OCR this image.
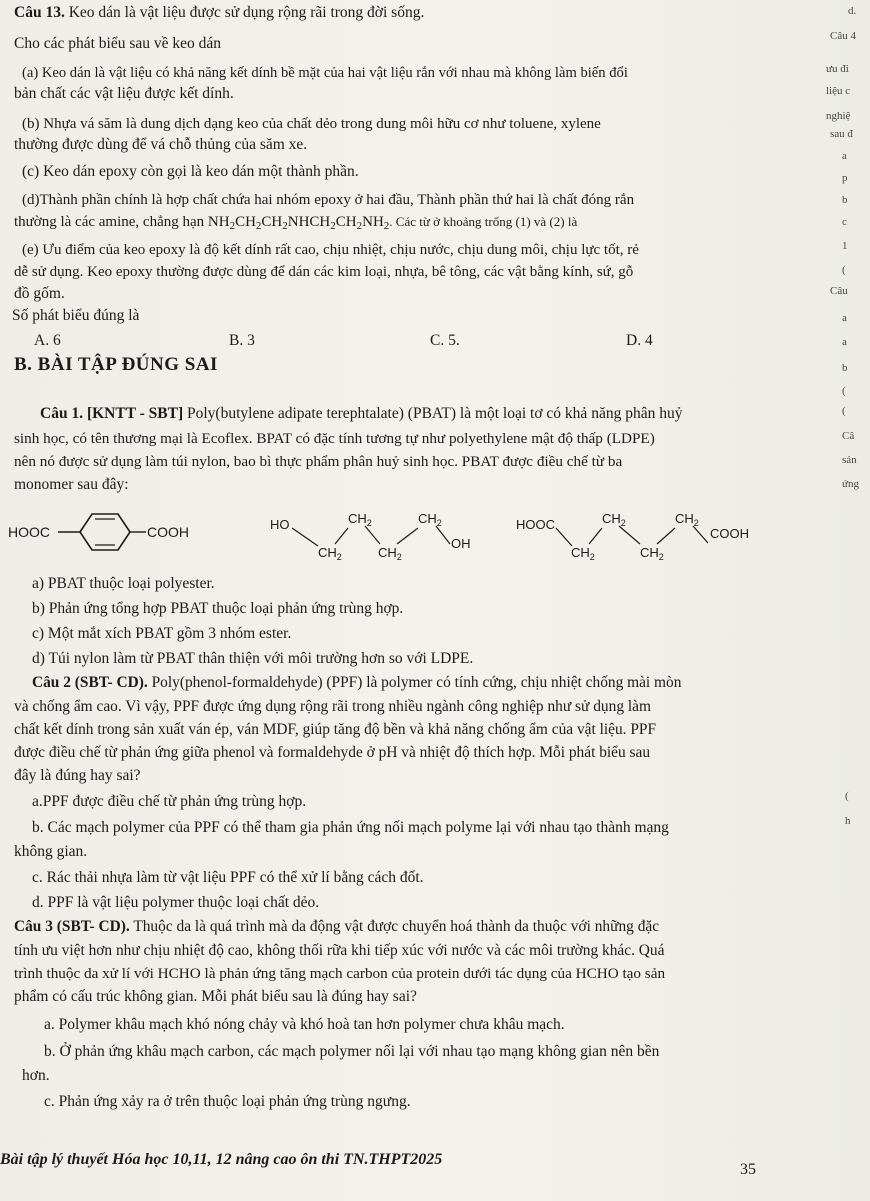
Câu 13. Keo dán là vật liệu được sử dụng rộng rãi trong đời sống.
Cho các phát biểu sau về keo dán
(a) Keo dán là vật liệu có khả năng kết dính bề mặt của hai vật liệu rắn với nhau mà không làm biến đổi
bản chất các vật liệu được kết dính.
(b) Nhựa vá săm là dung dịch dạng keo của chất dẻo trong dung môi hữu cơ như toluene, xylene
thường được dùng để vá chỗ thủng của săm xe.
(c) Keo dán epoxy còn gọi là keo dán một thành phần.
(d)Thành phần chính là hợp chất chứa hai nhóm epoxy ở hai đầu, Thành phần thứ hai là chất đóng rắn
thường là các amine, chẳng hạn $NH_2CH_2CH_2NHCH_2CH_2NH_2$. Các từ ở khoảng trống (1) và (2) là
(e) Ưu điểm của keo epoxy là độ kết dính rất cao, chịu nhiệt, chịu nước, chịu dung môi, chịu lực tốt, rẻ
dễ sử dụng. Keo epoxy thường được dùng để dán các kim loại, nhựa, bê tông, các vật bằng kính, sứ, gỗ
đồ gốm.
Số phát biểu đúng là
A. 6	B. 3	C. 5.	D. 4
B. BÀI TẬP ĐÚNG SAI
Câu 1. [KNTT - SBT] Poly(butylene adipate terephtalate) (PBAT) là một loại tơ có khả năng phân huỷ
sinh học, có tên thương mại là Ecoflex. BPAT có đặc tính tương tự như polyethylene mật độ thấp (LDPE)
nên nó được sử dụng làm túi nylon, bao bì thực phẩm phân huỷ sinh học. PBAT được điều chế từ ba
monomer sau đây:
HOOC	COOH	HO
$CH_2$
$CH_2$
$CH_2$
$CH_2$
OH
HOOC
$CH_2$
$CH_2$
$CH_2$
$CH_2$
COOH
a) PBAT thuộc loại polyester.
b) Phản ứng tổng hợp PBAT thuộc loại phản ứng trùng hợp.
c) Một mắt xích PBAT gồm 3 nhóm ester.
d) Túi nylon làm từ PBAT thân thiện với môi trường hơn so với LDPE.
Câu 2 (SBT- CD). Poly(phenol-formaldehyde) (PPF) là polymer có tính cứng, chịu nhiệt chống mài mòn
và chống ẩm cao. Vì vậy, PPF được ứng dụng rộng rãi trong nhiều ngành công nghiệp như sử dụng làm
chất kết dính trong sản xuất ván ép, ván MDF, giúp tăng độ bền và khả năng chống ẩm của vật liệu. PPF
được điều chế từ phản ứng giữa phenol và formaldehyde ở pH và nhiệt độ thích hợp. Mỗi phát biểu sau
đây là đúng hay sai?
a.PPF được điều chế từ phản ứng trùng hợp.
b. Các mạch polymer của PPF có thể tham gia phản ứng nối mạch polyme lại với nhau tạo thành mạng
không gian.
c. Rác thải nhựa làm từ vật liệu PPF có thể xử lí bằng cách đốt.
d. PPF là vật liệu polymer thuộc loại chất dẻo.
Câu 3 (SBT- CD). Thuộc da là quá trình mà da động vật được chuyển hoá thành da thuộc với những đặc
tính ưu việt hơn như chịu nhiệt độ cao, không thối rữa khi tiếp xúc với nước và các môi trường khác. Quá
trình thuộc da xử lí với HCHO là phản ứng tăng mạch carbon của protein dưới tác dụng của HCHO tạo sản
phẩm có cấu trúc không gian. Mỗi phát biểu sau là đúng hay sai?
a. Polymer khâu mạch khó nóng chảy và khó hoà tan hơn polymer chưa khâu mạch.
b. Ở phản ứng khâu mạch carbon, các mạch polymer nối lại với nhau tạo mạng không gian nên bền
hơn.
c. Phản ứng xảy ra ở trên thuộc loại phản ứng trùng ngưng.
Bài tập lý thuyết Hóa học 10,11, 12 nâng cao ôn thi TN.THPT2025
35
d.
Câu 4
ưu đi
liệu c
nghiệ
sau đ
a
p
b
c
1
(
Câu
a
a
b
(
(
Câ
sản
ứng
(
h
